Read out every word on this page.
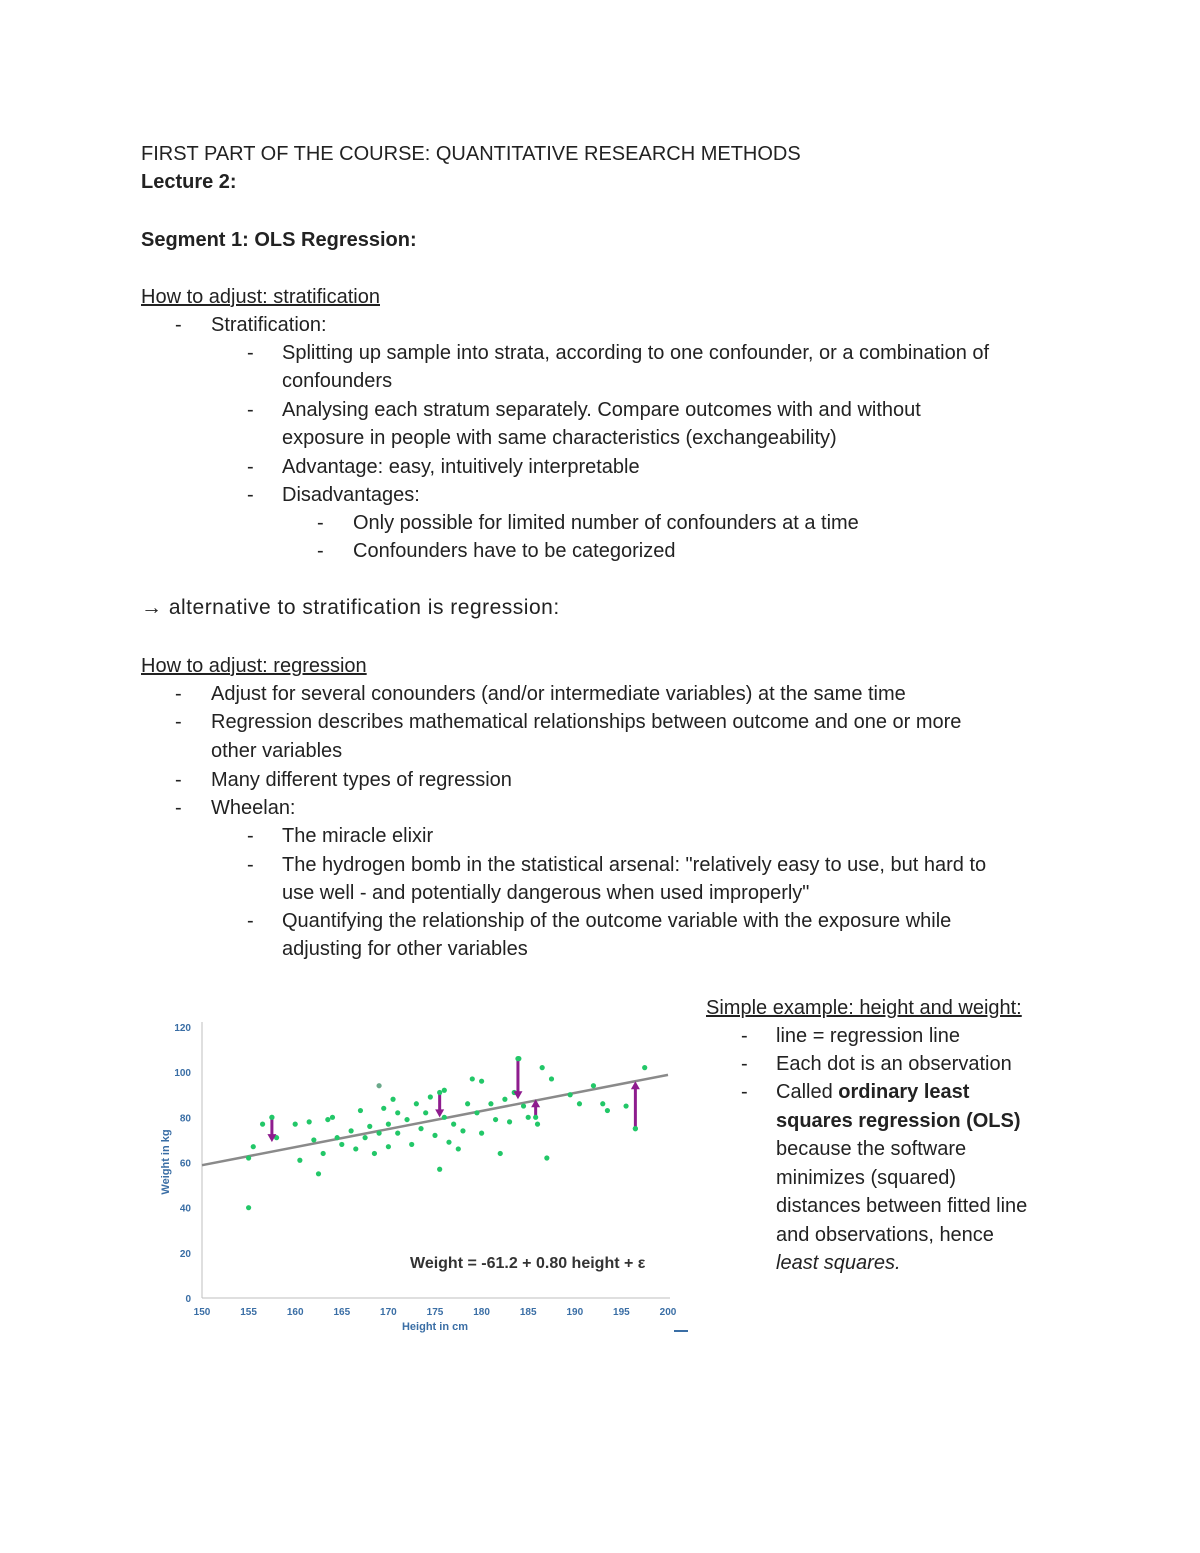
FIRST PART OF THE COURSE: QUANTITATIVE RESEARCH METHODS
Lecture 2:
Segment 1: OLS Regression:
How to adjust: stratification
- Stratification:
- Splitting up sample into strata, according to one confounder, or a combination of
confounders
- Analysing each stratum separately. Compare outcomes with and without
exposure in people with same characteristics (exchangeability)
- Advantage: easy, intuitively interpretable
- Disadvantages:
- Only possible for limited number of confounders at a time
- Confounders have to be categorized
→ alternative to stratification is regression:
How to adjust: regression
- Adjust for several conounders (and/or intermediate variables) at the same time
- Regression describes mathematical relationships between outcome and one or more
other variables
- Many different types of regression
- Wheelan:
- The miracle elixir
- The hydrogen bomb in the statistical arsenal: "relatively easy to use, but hard to
use well - and potentially dangerous when used improperly"
- Quantifying the relationship of the outcome variable with the exposure while
adjusting for other variables
150	155	160	165	170	175	180	185	190	195	200
0
20
40
60
80
100
120
Weight = -61.2 + 0.80 height + ε
Height in cm
Weight in kg
Simple example: height and weight:
- line = regression line
- Each dot is an observation
- Called ordinary least
squares regression (OLS)
because the software
minimizes (squared)
distances between fitted line
and observations, hence
least squares.
